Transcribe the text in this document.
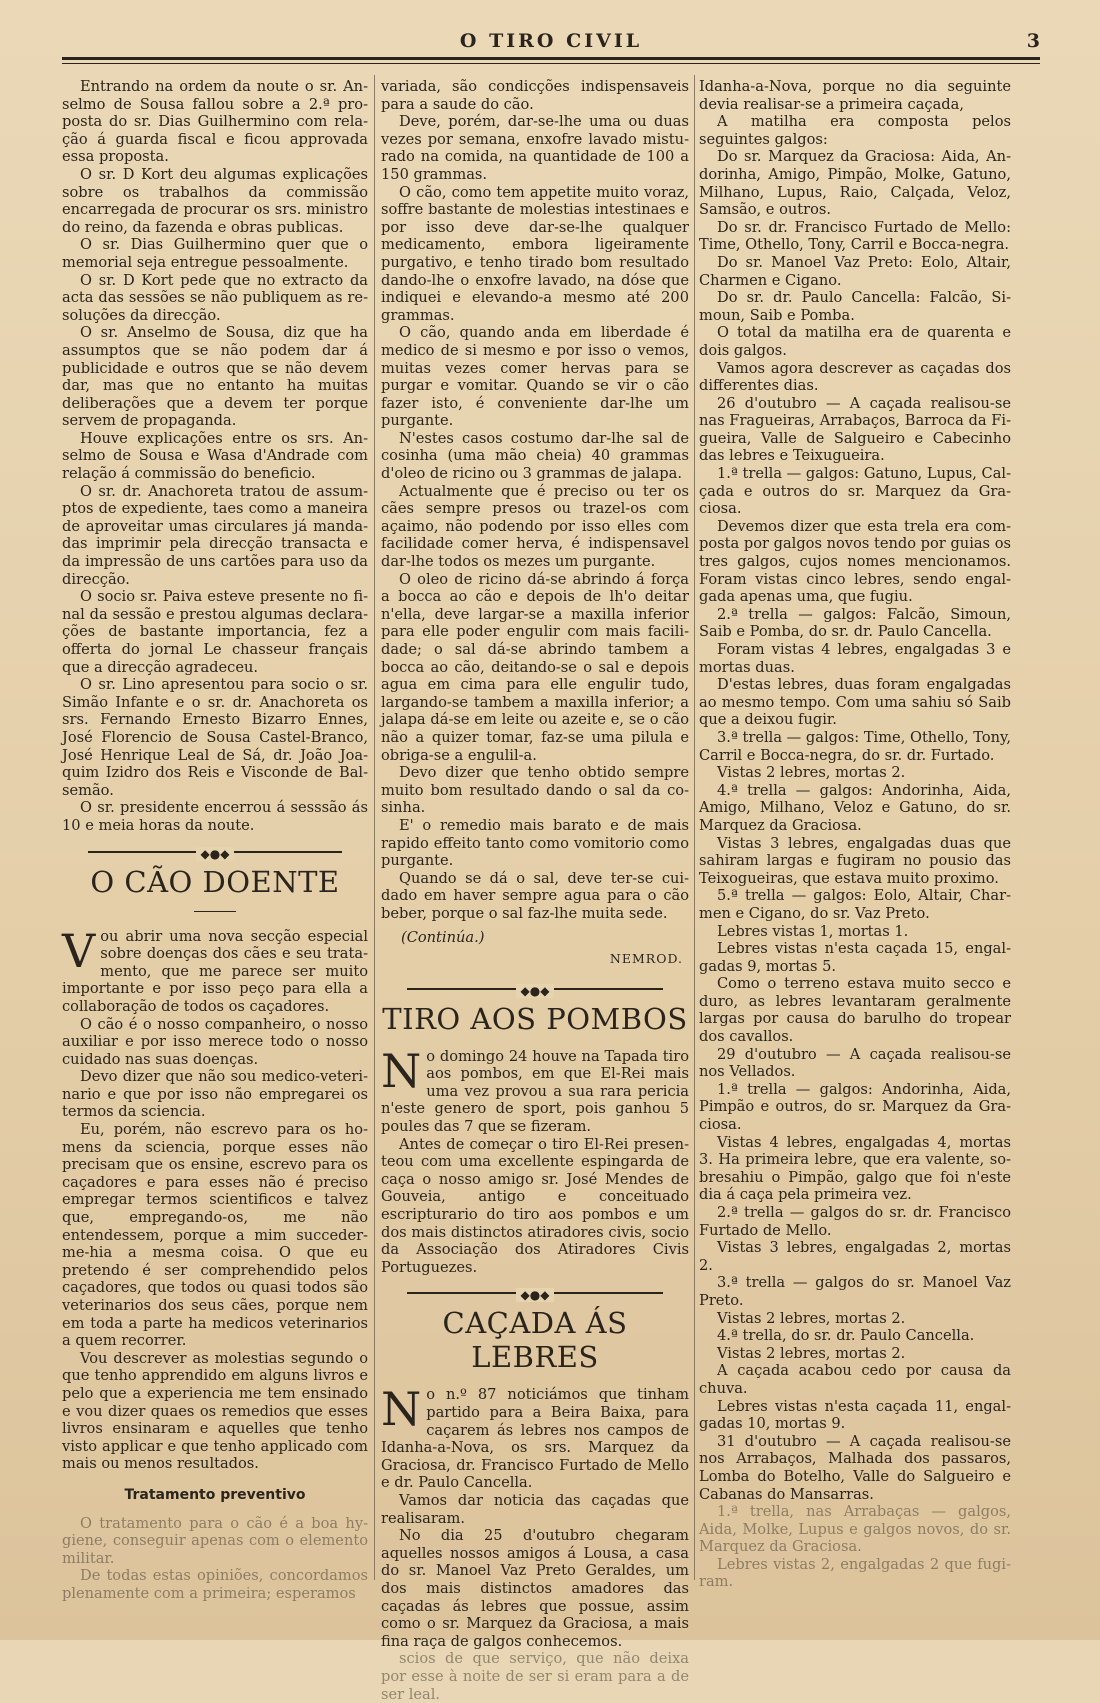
O TIRO CIVIL	3

Entrando na ordem da noute o sr. Anselmo de Sousa fallou sobre a 2.ª proposta do sr. Dias Guilhermino com relação á guarda fiscal e ficou approvada essa proposta.

O sr. D Kort deu algumas explicações sobre os trabalhos da commissão encarregada de procurar os srs. ministro do reino, da fazenda e obras publicas.

O sr. Dias Guilhermino quer que o memorial seja entregue pessoalmente.

O sr. D Kort pede que no extracto da acta das sessões se não publiquem as resoluções da direcção.

O sr. Anselmo de Sousa, diz que ha assumptos que se não podem dar á publicidade e outros que se não devem dar, mas que no entanto ha muitas deliberações que a devem ter porque servem de propaganda.

Houve explicações entre os srs. Anselmo de Sousa e Wasa d'Andrade com relação á commissão do beneficio.

O sr. dr. Anachoreta tratou de assumptos de expediente, taes como a maneira de aproveitar umas circulares já mandadas imprimir pela direcção transacta e da impressão de uns cartões para uso da direcção.

O socio sr. Paiva esteve presente no final da sessão e prestou algumas declarações de bastante importancia, fez a offerta do jornal Le chasseur français que a direcção agradeceu.

O sr. Lino apresentou para socio o sr. Simão Infante e o sr. dr. Anachoreta os srs. Fernando Ernesto Bizarro Ennes, José Florencio de Sousa Castel-Branco, José Henrique Leal de Sá, dr. João Joaquim Izidro dos Reis e Visconde de Balsemão.

O sr. presidente encerrou á sesssão ás 10 e meia horas da noute.

◆●◆
O CÃO DOENTE

Vou abrir uma nova secção especial sobre doenças dos cães e seu tratamento, que me parece ser muito importante e por isso peço para ella a collaboração de todos os caçadores.

O cão é o nosso companheiro, o nosso auxiliar e por isso merece todo o nosso cuidado nas suas doenças.

Devo dizer que não sou medico-veterinario e que por isso não empregarei os termos da sciencia.

Eu, porém, não escrevo para os homens da sciencia, porque esses não precisam que os ensine, escrevo para os caçadores e para esses não é preciso empregar termos scientificos e talvez que, empregando-os, me não entendessem, porque a mim succeder-me-hia a mesma coisa. O que eu pretendo é ser comprehendido pelos caçadores, que todos ou quasi todos são veterinarios dos seus cães, porque nem em toda a parte ha medicos veterinarios a quem recorrer.

Vou descrever as molestias segundo o que tenho apprendido em alguns livros e pelo que a experiencia me tem ensinado e vou dizer quaes os remedios que esses livros ensinaram e aquelles que tenho visto applicar e que tenho applicado com mais ou menos resultados.

Tratamento preventivo

O tratamento para o cão é a boa hygiene, conseguir apenas com o elemento militar.

De todas estas opiniões, concordamos plenamente com a primeira; esperamos

variada, são condicções indispensaveis para a saude do cão.

Deve, porém, dar-se-lhe uma ou duas vezes por semana, enxofre lavado misturado na comida, na quantidade de 100 a 150 grammas.

O cão, como tem appetite muito voraz, soffre bastante de molestias intestinaes e por isso deve dar-se-lhe qualquer medicamento, embora ligeiramente purgativo, e tenho tirado bom resultado dando-lhe o enxofre lavado, na dóse que indiquei e elevando-a mesmo até 200 grammas.

O cão, quando anda em liberdade é medico de si mesmo e por isso o vemos, muitas vezes comer hervas para se purgar e vomitar. Quando se vir o cão fazer isto, é conveniente dar-lhe um purgante.

N'estes casos costumo dar-lhe sal de cosinha (uma mão cheia) 40 grammas d'oleo de ricino ou 3 grammas de jalapa.

Actualmente que é preciso ou ter os cães sempre presos ou trazel-os com açaimo, não podendo por isso elles com facilidade comer herva, é indispensavel dar-lhe todos os mezes um purgante.

O oleo de ricino dá-se abrindo á força a bocca ao cão e depois de lh'o deitar n'ella, deve largar-se a maxilla inferior para elle poder engulir com mais facilidade; o sal dá-se abrindo tambem a bocca ao cão, deitando-se o sal e depois agua em cima para elle engulir tudo, largando-se tambem a maxilla inferior; a jalapa dá-se em leite ou azeite e, se o cão não a quizer tomar, faz-se uma pilula e obriga-se a engulil-a.

Devo dizer que tenho obtido sempre muito bom resultado dando o sal da cosinha.

E' o remedio mais barato e de mais rapido effeito tanto como vomitorio como purgante.

Quando se dá o sal, deve ter-se cuidado em haver sempre agua para o cão beber, porque o sal faz-lhe muita sede.

(Continúa.)
NEMROD.
◆●◆
TIRO AOS POMBOS

No domingo 24 houve na Tapada tiro aos pombos, em que El-Rei mais uma vez provou a sua rara pericia n'este genero de sport, pois ganhou 5 poules das 7 que se fizeram.

Antes de começar o tiro El-Rei presenteou com uma excellente espingarda de caça o nosso amigo sr. José Mendes de Gouveia, antigo e conceituado escripturario do tiro aos pombos e um dos mais distinctos atiradores civis, socio da Associação dos Atiradores Civis Portuguezes.

◆●◆
CAÇADA ÁS LEBRES

No n.º 87 noticiámos que tinham partido para a Beira Baixa, para caçarem ás lebres nos campos de Idanha-a-Nova, os srs. Marquez da Graciosa, dr. Francisco Furtado de Mello e dr. Paulo Cancella.

Vamos dar noticia das caçadas que realisaram.

No dia 25 d'outubro chegaram aquelles nossos amigos á Lousa, a casa do sr. Manoel Vaz Preto Geraldes, um dos mais distinctos amadores das caçadas ás lebres que possue, assim como o sr. Marquez da Graciosa, a mais fina raça de galgos conhecemos.

scios de que serviço, que não deixa por esse à noite de ser si eram para a de ser leal.

Idanha-a-Nova, porque no dia seguinte devia realisar-se a primeira caçada,

A matilha era composta pelos seguintes galgos:

Do sr. Marquez da Graciosa: Aida, Andorinha, Amigo, Pimpão, Molke, Gatuno, Milhano, Lupus, Raio, Calçada, Veloz, Samsão, e outros.

Do sr. dr. Francisco Furtado de Mello: Time, Othello, Tony, Carril e Bocca-negra.

Do sr. Manoel Vaz Preto: Eolo, Altair, Charmen e Cigano.

Do sr. dr. Paulo Cancella: Falcão, Simoun, Saib e Pomba.

O total da matilha era de quarenta e dois galgos.

Vamos agora descrever as caçadas dos differentes dias.

26 d'outubro — A caçada realisou-se nas Fragueiras, Arrabaços, Barroca da Figueira, Valle de Salgueiro e Cabecinho das lebres e Teixugueira.

1.ª trella — galgos: Gatuno, Lupus, Calçada e outros do sr. Marquez da Graciosa.

Devemos dizer que esta trela era composta por galgos novos tendo por guias os tres galgos, cujos nomes mencionamos. Foram vistas cinco lebres, sendo engalgada apenas uma, que fugiu.

2.ª trella — galgos: Falcão, Simoun, Saib e Pomba, do sr. dr. Paulo Cancella.

Foram vistas 4 lebres, engalgadas 3 e mortas duas.

D'estas lebres, duas foram engalgadas ao mesmo tempo. Com uma sahiu só Saib que a deixou fugir.

3.ª trella — galgos: Time, Othello, Tony, Carril e Bocca-negra, do sr. dr. Furtado.

Vistas 2 lebres, mortas 2.

4.ª trella — galgos: Andorinha, Aida, Amigo, Milhano, Veloz e Gatuno, do sr. Marquez da Graciosa.

Vistas 3 lebres, engalgadas duas que sahiram largas e fugiram no pousio das Teixogueiras, que estava muito proximo.

5.ª trella — galgos: Eolo, Altair, Charmen e Cigano, do sr. Vaz Preto.

Lebres vistas 1, mortas 1.

Lebres vistas n'esta caçada 15, engalgadas 9, mortas 5.

Como o terreno estava muito secco e duro, as lebres levantaram geralmente largas por causa do barulho do tropear dos cavallos.

29 d'outubro — A caçada realisou-se nos Vellados.

1.ª trella — galgos: Andorinha, Aida, Pimpão e outros, do sr. Marquez da Graciosa.

Vistas 4 lebres, engalgadas 4, mortas 3. Ha primeira lebre, que era valente, sobresahiu o Pimpão, galgo que foi n'este dia á caça pela primeira vez.

2.ª trella — galgos do sr. dr. Francisco Furtado de Mello.

Vistas 3 lebres, engalgadas 2, mortas 2.

3.ª trella — galgos do sr. Manoel Vaz Preto.

Vistas 2 lebres, mortas 2.

4.ª trella, do sr. dr. Paulo Cancella.

Vistas 2 lebres, mortas 2.

A caçada acabou cedo por causa da chuva.

Lebres vistas n'esta caçada 11, engalgadas 10, mortas 9.

31 d'outubro — A caçada realisou-se nos Arrabaços, Malhada dos passaros, Lomba do Botelho, Valle do Salgueiro e Cabanas do Mansarras.

1.ª trella, nas Arrabaças — galgos, Aida, Molke, Lupus e galgos novos, do sr. Marquez da Graciosa.

Lebres vistas 2, engalgadas 2 que fugiram.
